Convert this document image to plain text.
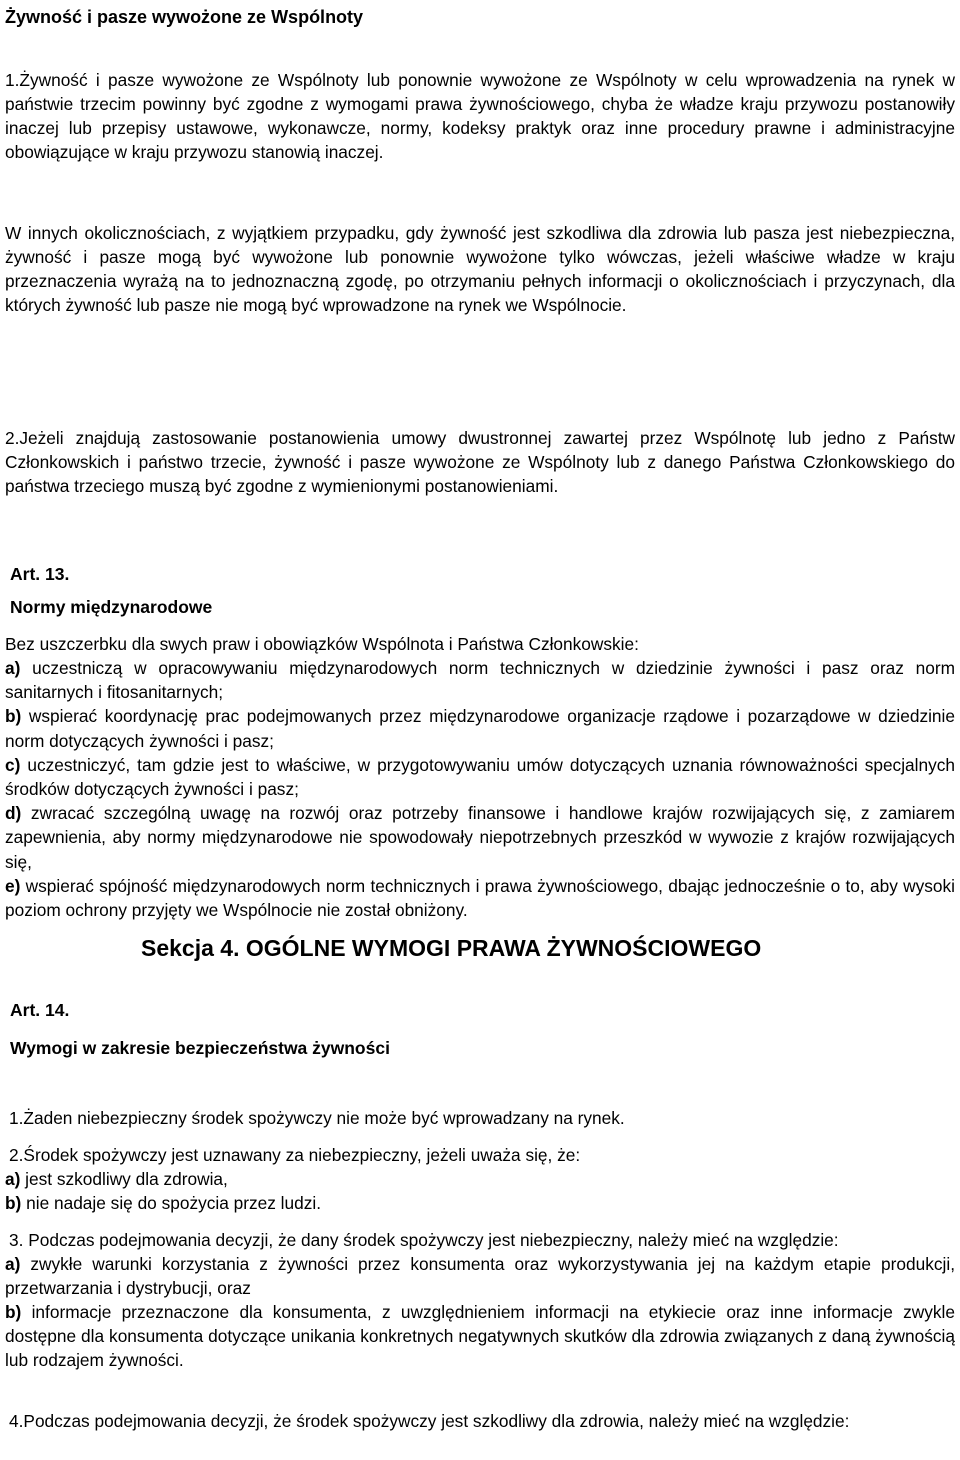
Żywność i pasze wywożone ze Wspólnoty
1.Żywność i pasze wywożone ze Wspólnoty lub ponownie wywożone ze Wspólnoty w celu wprowadzenia na rynek w państwie trzecim powinny być zgodne z wymogami prawa żywnościowego, chyba że władze kraju przywozu postanowiły inaczej lub przepisy ustawowe, wykonawcze, normy, kodeksy praktyk oraz inne procedury prawne i administracyjne obowiązujące w kraju przywozu stanowią inaczej.
W innych okolicznościach, z wyjątkiem przypadku, gdy żywność jest szkodliwa dla zdrowia lub pasza jest niebezpieczna, żywność i pasze mogą być wywożone lub ponownie wywożone tylko wówczas, jeżeli właściwe władze w kraju przeznaczenia wyrażą na to jednoznaczną zgodę, po otrzymaniu pełnych informacji o okolicznościach i przyczynach, dla których żywność lub pasze nie mogą być wprowadzone na rynek we Wspólnocie.
2.Jeżeli znajdują zastosowanie postanowienia umowy dwustronnej zawartej przez Wspólnotę lub jedno z Państw Członkowskich i państwo trzecie, żywność i pasze wywożone ze Wspólnoty lub z danego Państwa Członkowskiego do państwa trzeciego muszą być zgodne z wymienionymi postanowieniami.
Art. 13.
Normy międzynarodowe
Bez uszczerbku dla swych praw i obowiązków Wspólnota i Państwa Członkowskie:
a) uczestniczą w opracowywaniu międzynarodowych norm technicznych w dziedzinie żywności i pasz oraz norm sanitarnych i fitosanitarnych;
b) wspierać koordynację prac podejmowanych przez międzynarodowe organizacje rządowe i pozarządowe w dziedzinie norm dotyczących żywności i pasz;
c) uczestniczyć, tam gdzie jest to właściwe, w przygotowywaniu umów dotyczących uznania równoważności specjalnych środków dotyczących żywności i pasz;
d) zwracać szczególną uwagę na rozwój oraz potrzeby finansowe i handlowe krajów rozwijających się, z zamiarem zapewnienia, aby normy międzynarodowe nie spowodowały niepotrzebnych przeszkód w wywozie z krajów rozwijających się,
e) wspierać spójność międzynarodowych norm technicznych i prawa żywnościowego, dbając jednocześnie o to, aby wysoki poziom ochrony przyjęty we Wspólnocie nie został obniżony.
Sekcja 4. OGÓLNE WYMOGI PRAWA ŻYWNOŚCIOWEGO
Art. 14.
Wymogi w zakresie bezpieczeństwa żywności
1.Żaden niebezpieczny środek spożywczy nie może być wprowadzany na rynek.
2.Środek spożywczy jest uznawany za niebezpieczny, jeżeli uważa się, że:
a) jest szkodliwy dla zdrowia,
b) nie nadaje się do spożycia przez ludzi.
3. Podczas podejmowania decyzji, że dany środek spożywczy jest niebezpieczny, należy mieć na względzie:
a) zwykłe warunki korzystania z żywności przez konsumenta oraz wykorzystywania jej na każdym etapie produkcji, przetwarzania i dystrybucji, oraz
b) informacje przeznaczone dla konsumenta, z uwzględnieniem informacji na etykiecie oraz inne informacje zwykle dostępne dla konsumenta dotyczące unikania konkretnych negatywnych skutków dla zdrowia związanych z daną żywnością lub rodzajem żywności.
4.Podczas podejmowania decyzji, że środek spożywczy jest szkodliwy dla zdrowia, należy mieć na względzie:
